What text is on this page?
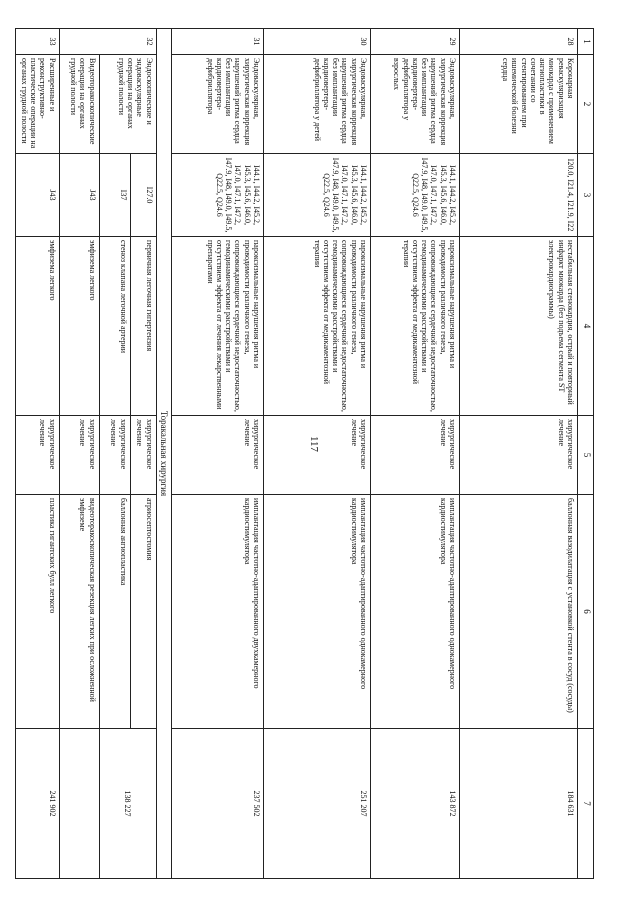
117
1	2	3	4	5	6	7
28	Коронарная реваскуляризация миокарда с применением ангиопластики в сочетании со стентированием при ишемической болезни сердца	I20.0, I21.4, I21.9, I22	нестабильная стенокардия, острый и повторный инфаркт миокарда (без подъема сегмента ST электрокардиограммы)	хирургическое лечение	баллонная вазодилатация с установкой стента в сосуд (сосуды)	184 631
29	Эндоваскулярная, хирургическая коррекция нарушений ритма сердца без имплантации кардиовертера-дефибриллятора у взрослых	I44.1, I44.2, I45.2, I45.3, I45.6, I46.0, I47.0, I47.1, I47.2, I47.9, I48, I49.0, I49.5, Q22.5, Q24.6	пароксизмальные нарушения ритма и проводимости различного генеза, сопровождающиеся сердечной недостаточностью, гемодинамическими расстройствами и отсутствием эффекта от медикаментозной терапии	хирургическое лечение	имплантация частотно-адаптированного однокамерного кардиостимулятора	143 872
30	Эндоваскулярная, хирургическая коррекция нарушений ритма сердца без имплантации кардиовертера-дефибриллятора у детей	I44.1, I44.2, I45.2, I45.3, I45.6, I46.0, I47.0, I47.1, I47.2, I47.9, I48, I49.0, I49.5, Q22.5, Q24.6	пароксизмальные нарушения ритма и проводимости различного генеза, сопровождающиеся сердечной недостаточностью, гемодинамическими расстройствами и отсутствием эффекта от медикаментозной терапии	хирургическое лечение	имплантация частотно-адаптированного однокамерного кардиостимулятора	251 207
31	Эндоваскулярная, хирургическая коррекция нарушений ритма сердца без имплантации кардиовертера-дефибриллятора	I44.1, I44.2, I45.2, I45.3, I45.6, I46.0, I47.0, I47.1, I47.2, I47.9, I48, I49.0, I49.5, Q22.5, Q24.6	пароксизмальные нарушения ритма и проводимости различного генеза, сопровождающиеся сердечной недостаточностью, гемодинамическими расстройствами и отсутствием эффекта от лечения лекарственными препаратами	хирургическое лечение	имплантация частотно-адаптированного двухкамерного кардиостимулятора	237 502
Торакальная хирургия						
32	Эндоскопические и эндоваскулярные операции на органах грудной полости	I27.0	первичная легочная гипертензия	хирургическое лечение	атриосептостомия	138 227
		I37	стеноз клапана легочной артерии	хирургическое лечение	баллонная ангиопластика	
	Видеоторакоскопические операции на органах грудной полости	J43	эмфизема легкого	хирургическое лечение	видеоторакоскопическая резекция легких при осложненной эмфиземе	
33	Расширенные и реконструктивно-пластические операции на органах грудной полости	J43	эмфизема легкого	хирургическое лечение	пластика гигантских булл легкого	241 902
